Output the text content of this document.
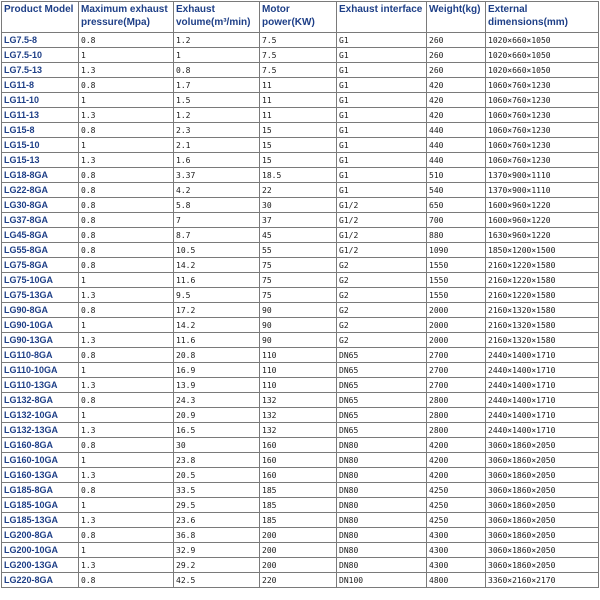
Product Model	Maximum exhaust pressure(Mpa)	Exhaust volume(m³/min)	Motor power(KW)	Exhaust interface	Weight(kg)	External dimensions(mm)
LG7.5-8	0.8	1.2	7.5	G1	260	1020×660×1050
LG7.5-10	1	1	7.5	G1	260	1020×660×1050
LG7.5-13	1.3	0.8	7.5	G1	260	1020×660×1050
LG11-8	0.8	1.7	11	G1	420	1060×760×1230
LG11-10	1	1.5	11	G1	420	1060×760×1230
LG11-13	1.3	1.2	11	G1	420	1060×760×1230
LG15-8	0.8	2.3	15	G1	440	1060×760×1230
LG15-10	1	2.1	15	G1	440	1060×760×1230
LG15-13	1.3	1.6	15	G1	440	1060×760×1230
LG18-8GA	0.8	3.37	18.5	G1	510	1370×900×1110
LG22-8GA	0.8	4.2	22	G1	540	1370×900×1110
LG30-8GA	0.8	5.8	30	G1/2	650	1600×960×1220
LG37-8GA	0.8	7	37	G1/2	700	1600×960×1220
LG45-8GA	0.8	8.7	45	G1/2	880	1630×960×1220
LG55-8GA	0.8	10.5	55	G1/2	1090	1850×1200×1500
LG75-8GA	0.8	14.2	75	G2	1550	2160×1220×1580
LG75-10GA	1	11.6	75	G2	1550	2160×1220×1580
LG75-13GA	1.3	9.5	75	G2	1550	2160×1220×1580
LG90-8GA	0.8	17.2	90	G2	2000	2160×1320×1580
LG90-10GA	1	14.2	90	G2	2000	2160×1320×1580
LG90-13GA	1.3	11.6	90	G2	2000	2160×1320×1580
LG110-8GA	0.8	20.8	110	DN65	2700	2440×1400×1710
LG110-10GA	1	16.9	110	DN65	2700	2440×1400×1710
LG110-13GA	1.3	13.9	110	DN65	2700	2440×1400×1710
LG132-8GA	0.8	24.3	132	DN65	2800	2440×1400×1710
LG132-10GA	1	20.9	132	DN65	2800	2440×1400×1710
LG132-13GA	1.3	16.5	132	DN65	2800	2440×1400×1710
LG160-8GA	0.8	30	160	DN80	4200	3060×1860×2050
LG160-10GA	1	23.8	160	DN80	4200	3060×1860×2050
LG160-13GA	1.3	20.5	160	DN80	4200	3060×1860×2050
LG185-8GA	0.8	33.5	185	DN80	4250	3060×1860×2050
LG185-10GA	1	29.5	185	DN80	4250	3060×1860×2050
LG185-13GA	1.3	23.6	185	DN80	4250	3060×1860×2050
LG200-8GA	0.8	36.8	200	DN80	4300	3060×1860×2050
LG200-10GA	1	32.9	200	DN80	4300	3060×1860×2050
LG200-13GA	1.3	29.2	200	DN80	4300	3060×1860×2050
LG220-8GA	0.8	42.5	220	DN100	4800	3360×2160×2170
